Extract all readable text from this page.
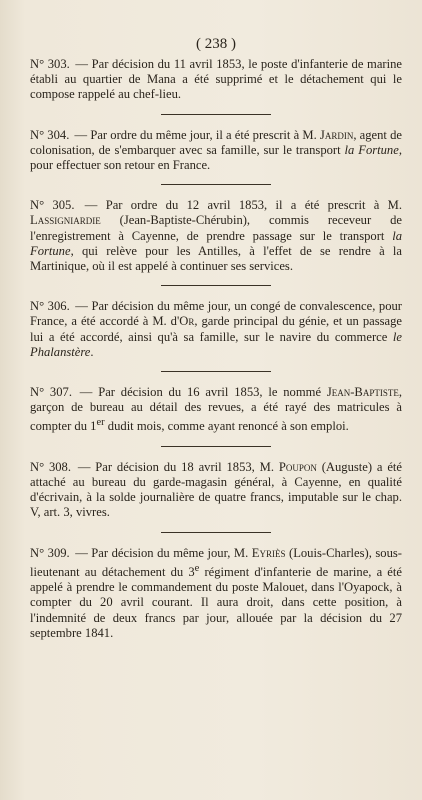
( 238 )

N° 303. — Par décision du 11 avril 1853, le poste d'infanterie de marine établi au quartier de Mana a été supprimé et le détachement qui le compose rappelé au chef-lieu.

N° 304. — Par ordre du même jour, il a été prescrit à M. Jardin, agent de colonisation, de s'embarquer avec sa famille, sur le transport la Fortune, pour effectuer son retour en France.

N° 305. — Par ordre du 12 avril 1853, il a été prescrit à M. Lassigniardie (Jean-Baptiste-Chérubin), commis receveur de l'enregistrement à Cayenne, de prendre passage sur le transport la Fortune, qui relève pour les Antilles, à l'effet de se rendre à la Martinique, où il est appelé à continuer ses services.

N° 306. — Par décision du même jour, un congé de convalescence, pour France, a été accordé à M. d'Or, garde principal du génie, et un passage lui a été accordé, ainsi qu'à sa famille, sur le navire du commerce le Phalanstère.

N° 307. — Par décision du 16 avril 1853, le nommé Jean-Baptiste, garçon de bureau au détail des revues, a été rayé des matricules à compter du 1er dudit mois, comme ayant renoncé à son emploi.

N° 308. — Par décision du 18 avril 1853, M. Poupon (Auguste) a été attaché au bureau du garde-magasin général, à Cayenne, en qualité d'écrivain, à la solde journalière de quatre francs, imputable sur le chap. V, art. 3, vivres.

N° 309. — Par décision du même jour, M. Eyriès (Louis-Charles), sous-lieutenant au détachement du 3e régiment d'infanterie de marine, a été appelé à prendre le commandement du poste Malouet, dans l'Oyapock, à compter du 20 avril courant. Il aura droit, dans cette position, à l'indemnité de deux francs par jour, allouée par la décision du 27 septembre 1841.
